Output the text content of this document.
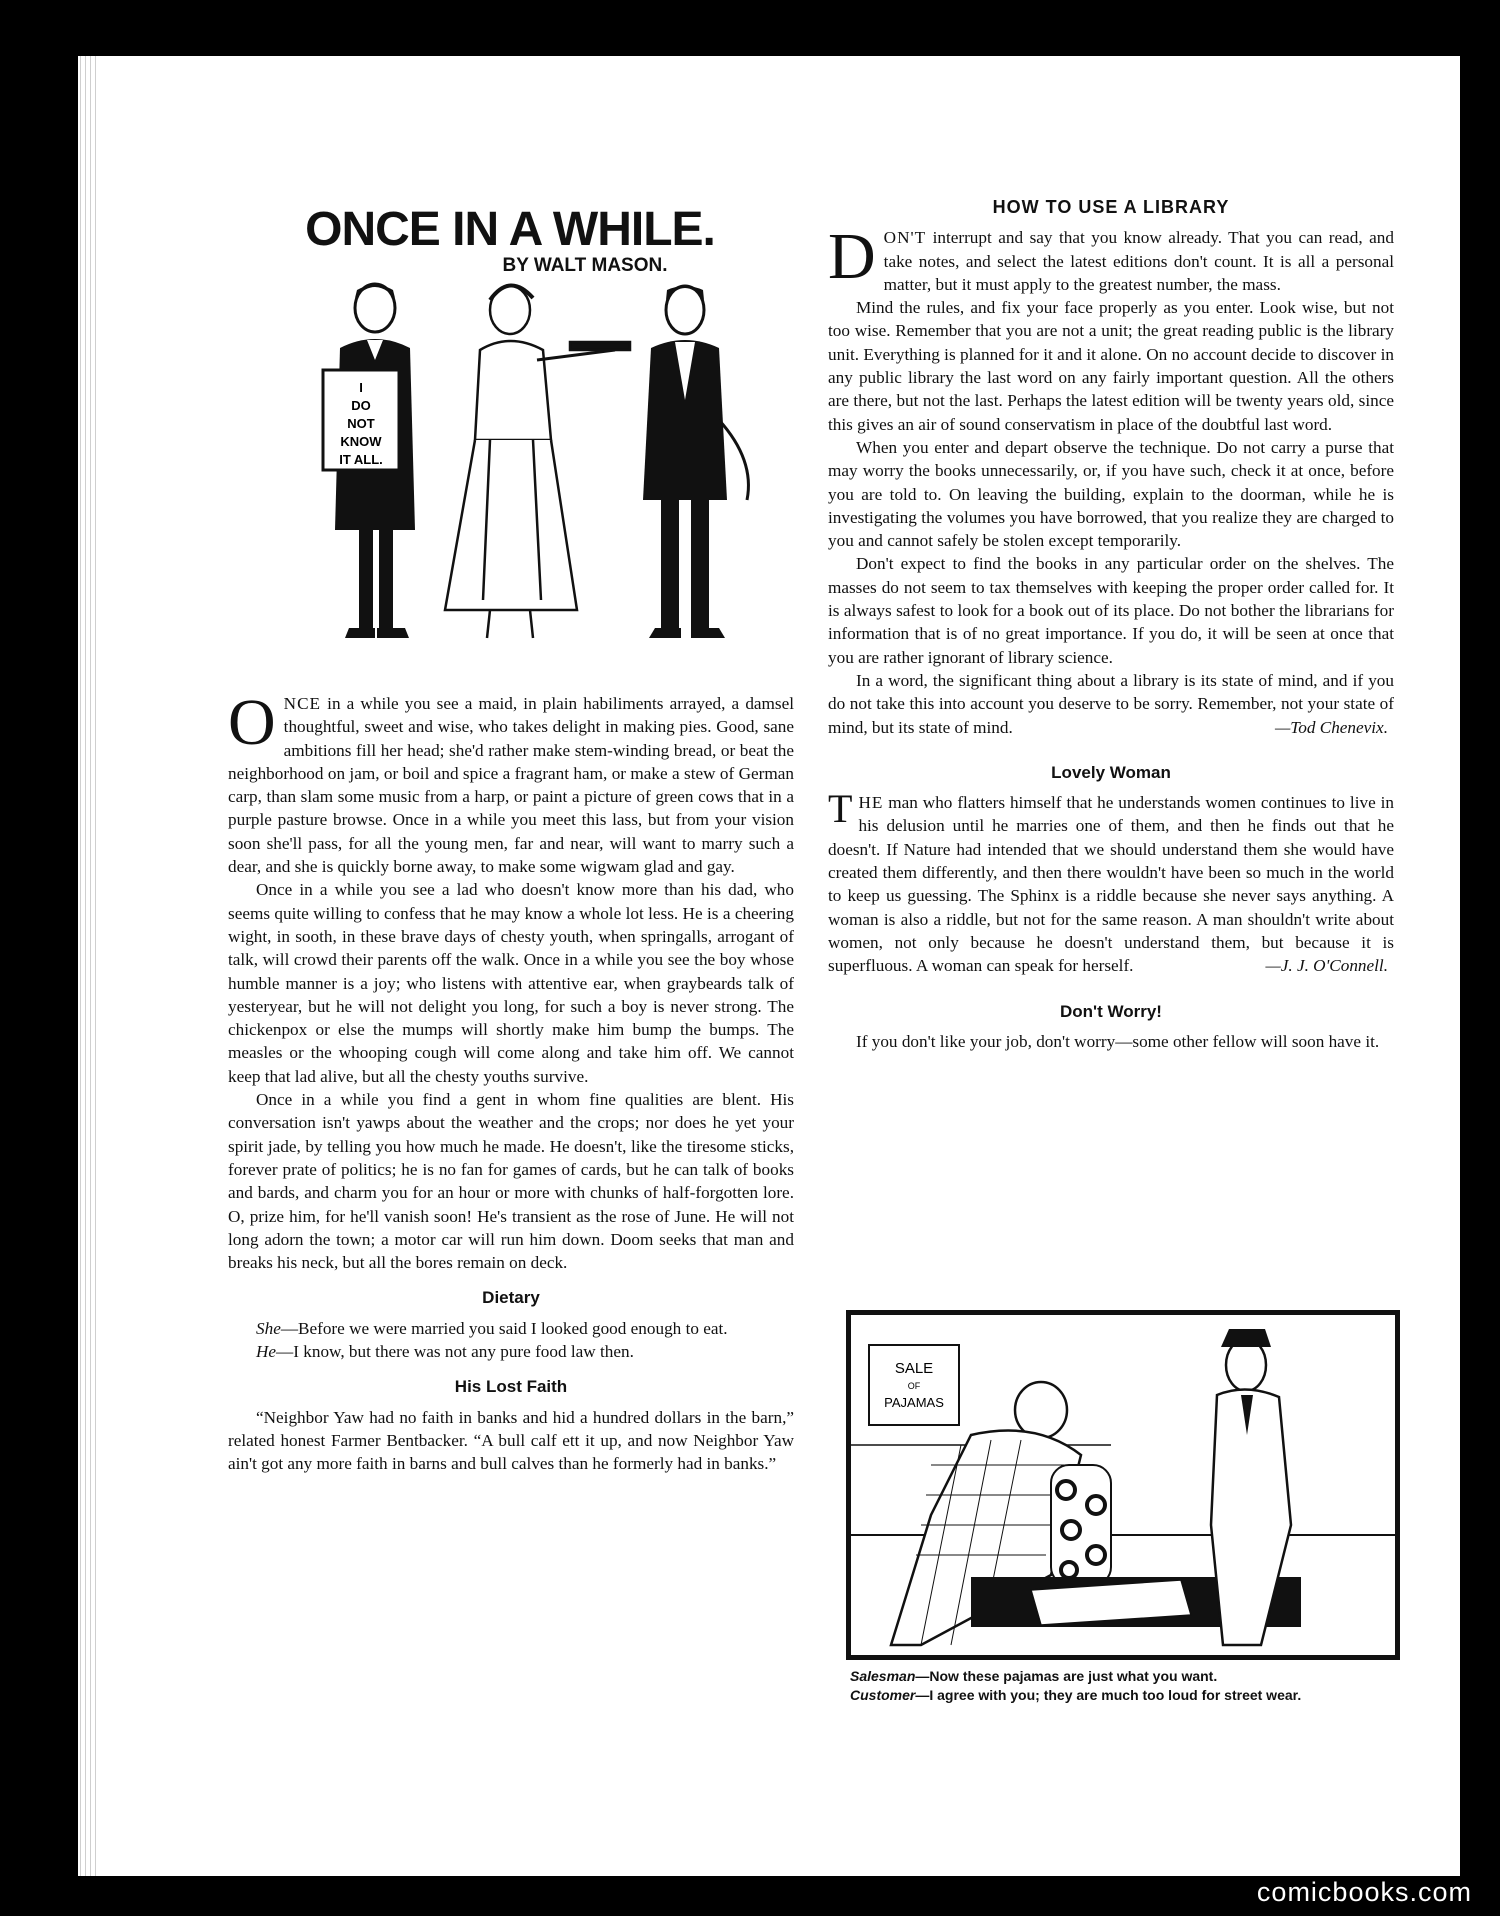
ONCE IN A WHILE.
BY WALT MASON.
I
DO
NOT
KNOW
IT ALL.

ONCE in a while you see a maid, in plain habiliments arrayed, a damsel thoughtful, sweet and wise, who takes delight in making pies. Good, sane ambitions fill her head; she'd rather make stem-winding bread, or beat the neighborhood on jam, or boil and spice a fragrant ham, or make a stew of German carp, than slam some music from a harp, or paint a picture of green cows that in a purple pasture browse. Once in a while you meet this lass, but from your vision soon she'll pass, for all the young men, far and near, will want to marry such a dear, and she is quickly borne away, to make some wigwam glad and gay.

Once in a while you see a lad who doesn't know more than his dad, who seems quite willing to confess that he may know a whole lot less. He is a cheering wight, in sooth, in these brave days of chesty youth, when springalls, arrogant of talk, will crowd their parents off the walk. Once in a while you see the boy whose humble manner is a joy; who listens with attentive ear, when graybeards talk of yesteryear, but he will not delight you long, for such a boy is never strong. The chickenpox or else the mumps will shortly make him bump the bumps. The measles or the whooping cough will come along and take him off. We cannot keep that lad alive, but all the chesty youths survive.

Once in a while you find a gent in whom fine qualities are blent. His conversation isn't yawps about the weather and the crops; nor does he yet your spirit jade, by telling you how much he made. He doesn't, like the tiresome sticks, forever prate of politics; he is no fan for games of cards, but he can talk of books and bards, and charm you for an hour or more with chunks of half-forgotten lore. O, prize him, for he'll vanish soon! He's transient as the rose of June. He will not long adorn the town; a motor car will run him down. Doom seeks that man and breaks his neck, but all the bores remain on deck.

Dietary

She—Before we were married you said I looked good enough to eat.

He—I know, but there was not any pure food law then.

His Lost Faith

“Neighbor Yaw had no faith in banks and hid a hundred dollars in the barn,” related honest Farmer Bentbacker. “A bull calf ett it up, and now Neighbor Yaw ain't got any more faith in barns and bull calves than he formerly had in banks.”

HOW TO USE A LIBRARY

DON'T interrupt and say that you know already. That you can read, and take notes, and select the latest editions don't count. It is all a personal matter, but it must apply to the greatest number, the mass.

Mind the rules, and fix your face properly as you enter. Look wise, but not too wise. Remember that you are not a unit; the great reading public is the library unit. Everything is planned for it and it alone. On no account decide to discover in any public library the last word on any fairly important question. All the others are there, but not the last. Perhaps the latest edition will be twenty years old, since this gives an air of sound conservatism in place of the doubtful last word.

When you enter and depart observe the technique. Do not carry a purse that may worry the books unnecessarily, or, if you have such, check it at once, before you are told to. On leaving the building, explain to the doorman, while he is investigating the volumes you have borrowed, that you realize they are charged to you and cannot safely be stolen except temporarily.

Don't expect to find the books in any particular order on the shelves. The masses do not seem to tax themselves with keeping the proper order called for. It is always safest to look for a book out of its place. Do not bother the librarians for information that is of no great importance. If you do, it will be seen at once that you are rather ignorant of library science.

In a word, the significant thing about a library is its state of mind, and if you do not take this into account you deserve to be sorry. Remember, not your state of mind, but its state of mind.	—Tod Chenevix.

Lovely Woman

THE man who flatters himself that he understands women continues to live in his delusion until he marries one of them, and then he finds out that he doesn't. If Nature had intended that we should understand them she would have created them differently, and then there wouldn't have been so much in the world to keep us guessing. The Sphinx is a riddle because she never says anything. A woman is also a riddle, but not for the same reason. A man shouldn't write about women, not only because he doesn't understand them, but because it is superfluous. A woman can speak for herself.	—J. J. O'Connell.

Don't Worry!

If you don't like your job, don't worry—some other fellow will soon have it.

SALE
OF
PAJAMAS
Salesman—Now these pajamas are just what you want.
Customer—I agree with you; they are much too loud for street wear.
comicbooks.com
